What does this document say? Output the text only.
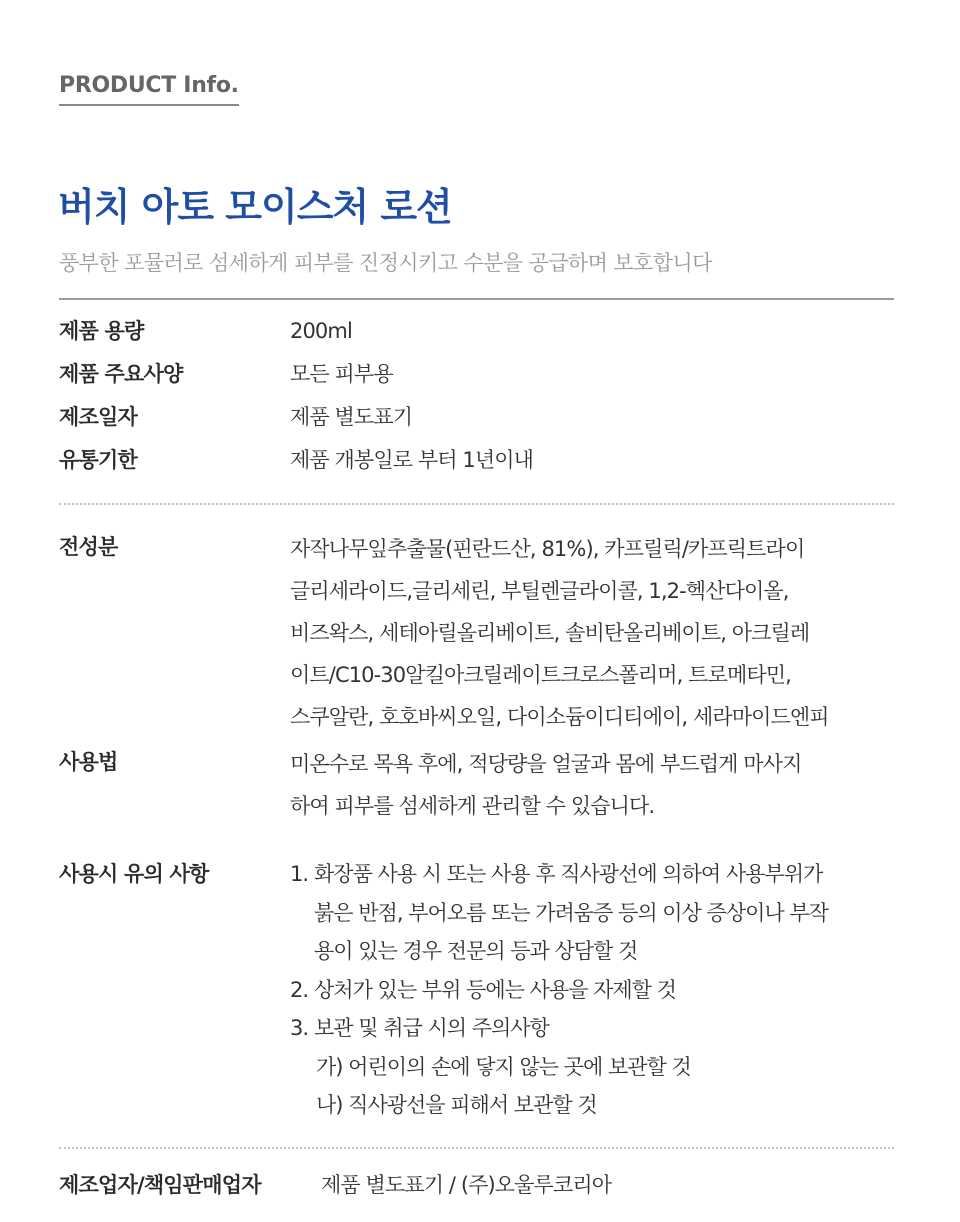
PRODUCT Info.
버치 아토 모이스처 로션
풍부한 포뮬러로 섬세하게 피부를 진정시키고 수분을 공급하며 보호합니다
제품 용량	200ml
제품 주요사양	모든 피부용
제조일자	제품 별도표기
유통기한	제품 개봉일로 부터 1년이내
전성분	자작나무잎추출물(핀란드산, 81%), 카프릴릭/카프릭트라이
글리세라이드,글리세린, 부틸렌글라이콜, 1,2-헥산다이올,
비즈왁스, 세테아릴올리베이트, 솔비탄올리베이트, 아크릴레
이트/C10-30알킬아크릴레이트크로스폴리머, 트로메타민,
스쿠알란, 호호바씨오일, 다이소듐이디티에이, 세라마이드엔피
사용법	미온수로 목욕 후에, 적당량을 얼굴과 몸에 부드럽게 마사지
하여 피부를 섬세하게 관리할 수 있습니다.
사용시 유의 사항	1. 화장품 사용 시 또는 사용 후 직사광선에 의하여 사용부위가
붉은 반점, 부어오름 또는 가려움증 등의 이상 증상이나 부작
용이 있는 경우 전문의 등과 상담할 것
2. 상처가 있는 부위 등에는 사용을 자제할 것
3. 보관 및 취급 시의 주의사항
가) 어린이의 손에 닿지 않는 곳에 보관할 것
나) 직사광선을 피해서 보관할 것
제조업자/책임판매업자	제품 별도표기 / (주)오울루코리아
